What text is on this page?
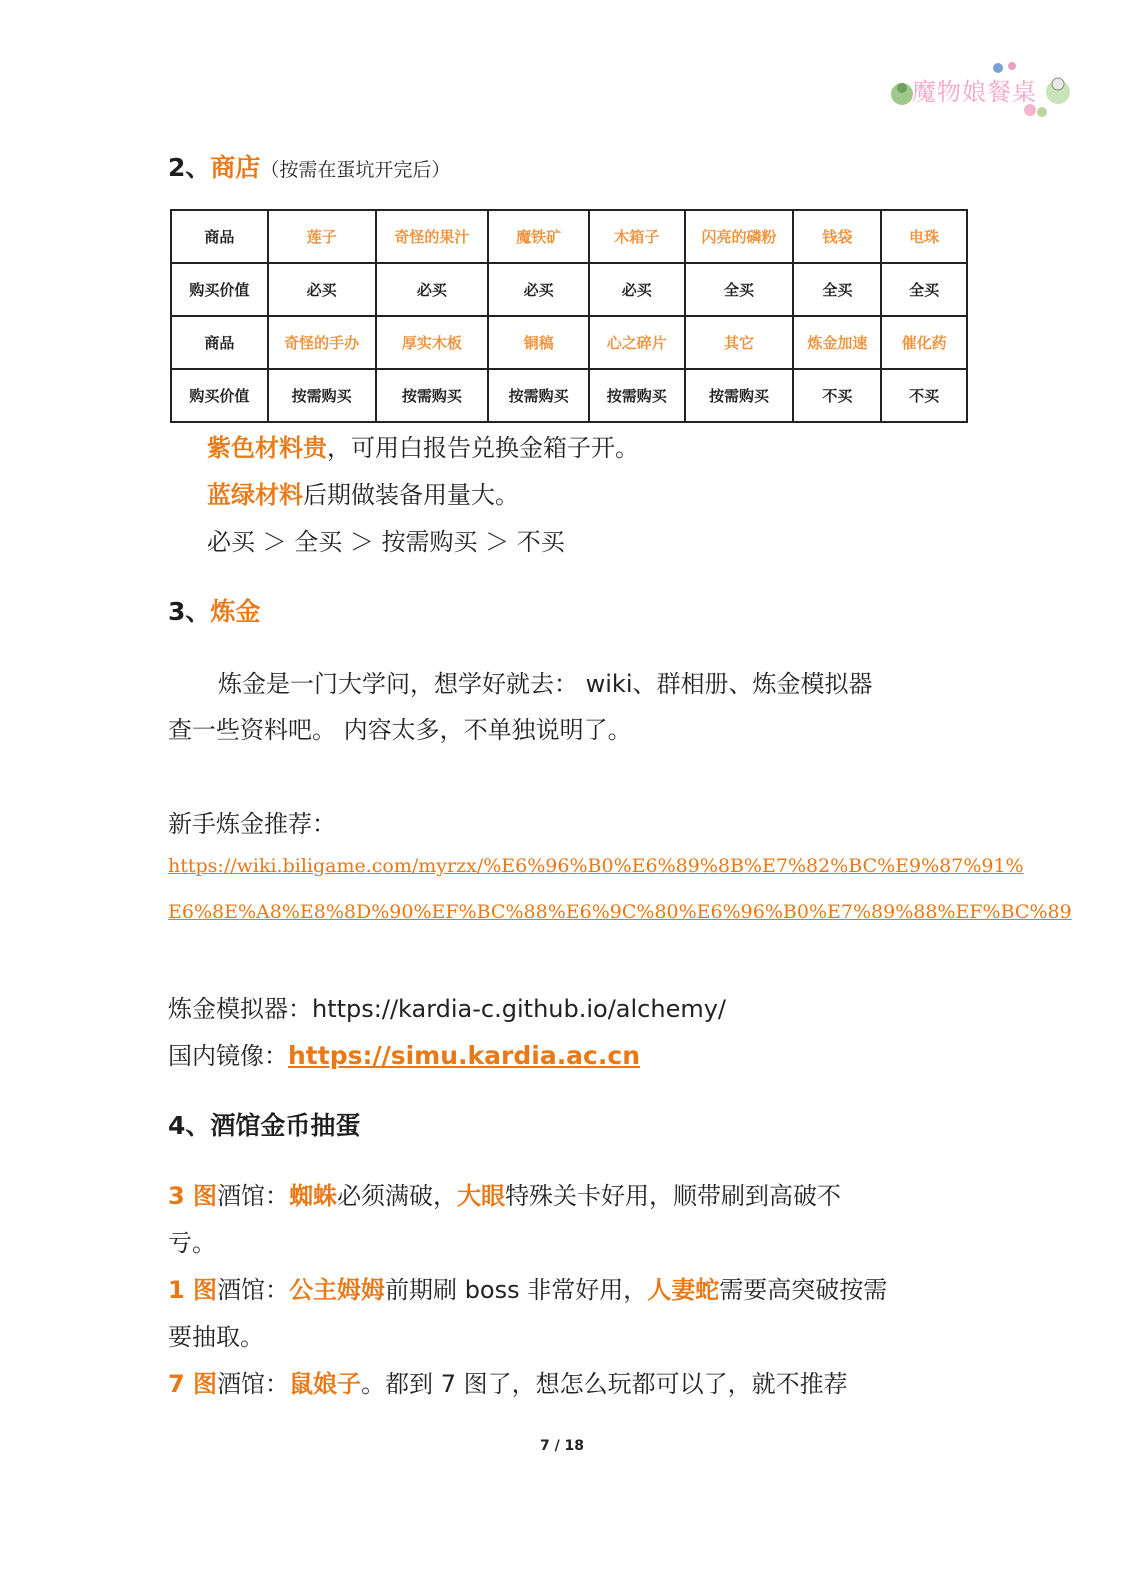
魔物娘餐桌
2、商店（按需在蛋坑开完后）
商品	莲子	奇怪的果汁	魔铁矿	木箱子	闪亮的磷粉	钱袋	电珠
购买价值	必买	必买	必买	必买	全买	全买	全买
商品	奇怪的手办	厚实木板	铜稿	心之碎片	其它	炼金加速	催化药
购买价值	按需购买	按需购买	按需购买	按需购买	按需购买	不买	不买
紫色材料贵，可用白报告兑换金箱子开。
蓝绿材料后期做装备用量大。
必买 ＞ 全买 ＞ 按需购买 ＞ 不买
3、炼金
炼金是一门大学问，想学好就去： wiki、群相册、炼金模拟器
查一些资料吧。 内容太多，不单独说明了。
新手炼金推荐：
https://wiki.biligame.com/myrzx/%E6%96%B0%E6%89%8B%E7%82%BC%E9%87%91%
E6%8E%A8%E8%8D%90%EF%BC%88%E6%9C%80%E6%96%B0%E7%89%88%EF%BC%89
炼金模拟器：https://kardia-c.github.io/alchemy/
国内镜像：https://simu.kardia.ac.cn
4、酒馆金币抽蛋
3 图酒馆：蜘蛛必须满破，大眼特殊关卡好用，顺带刷到高破不
亏。
1 图酒馆：公主姆姆前期刷 boss 非常好用，人妻蛇需要高突破按需
要抽取。
7 图酒馆：鼠娘子。都到 7 图了，想怎么玩都可以了，就不推荐
7 / 18
